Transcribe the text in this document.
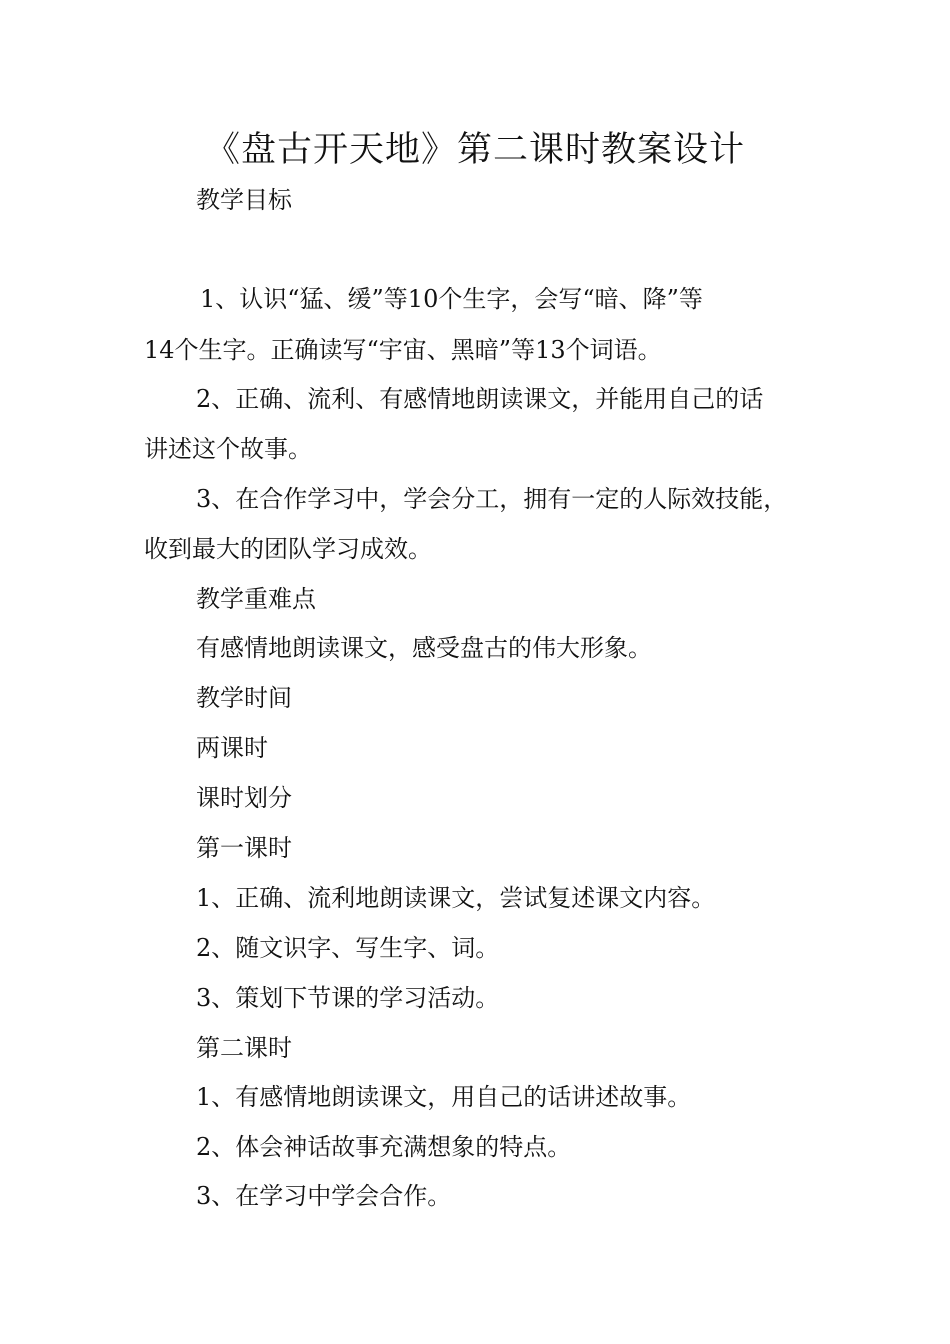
《盘古开天地》第二课时教案设计

教学目标

1、认识“猛、缓”等10个生字，会写“暗、降”等

14个生字。正确读写“宇宙、黑暗”等13个词语。

2、正确、流利、有感情地朗读课文，并能用自己的话

讲述这个故事。

3、在合作学习中，学会分工，拥有一定的人际效技能，

收到最大的团队学习成效。

教学重难点

有感情地朗读课文，感受盘古的伟大形象。

教学时间

两课时

课时划分

第一课时

1、正确、流利地朗读课文，尝试复述课文内容。

2、随文识字、写生字、词。

3、策划下节课的学习活动。

第二课时

1、有感情地朗读课文，用自己的话讲述故事。

2、体会神话故事充满想象的特点。

3、在学习中学会合作。
